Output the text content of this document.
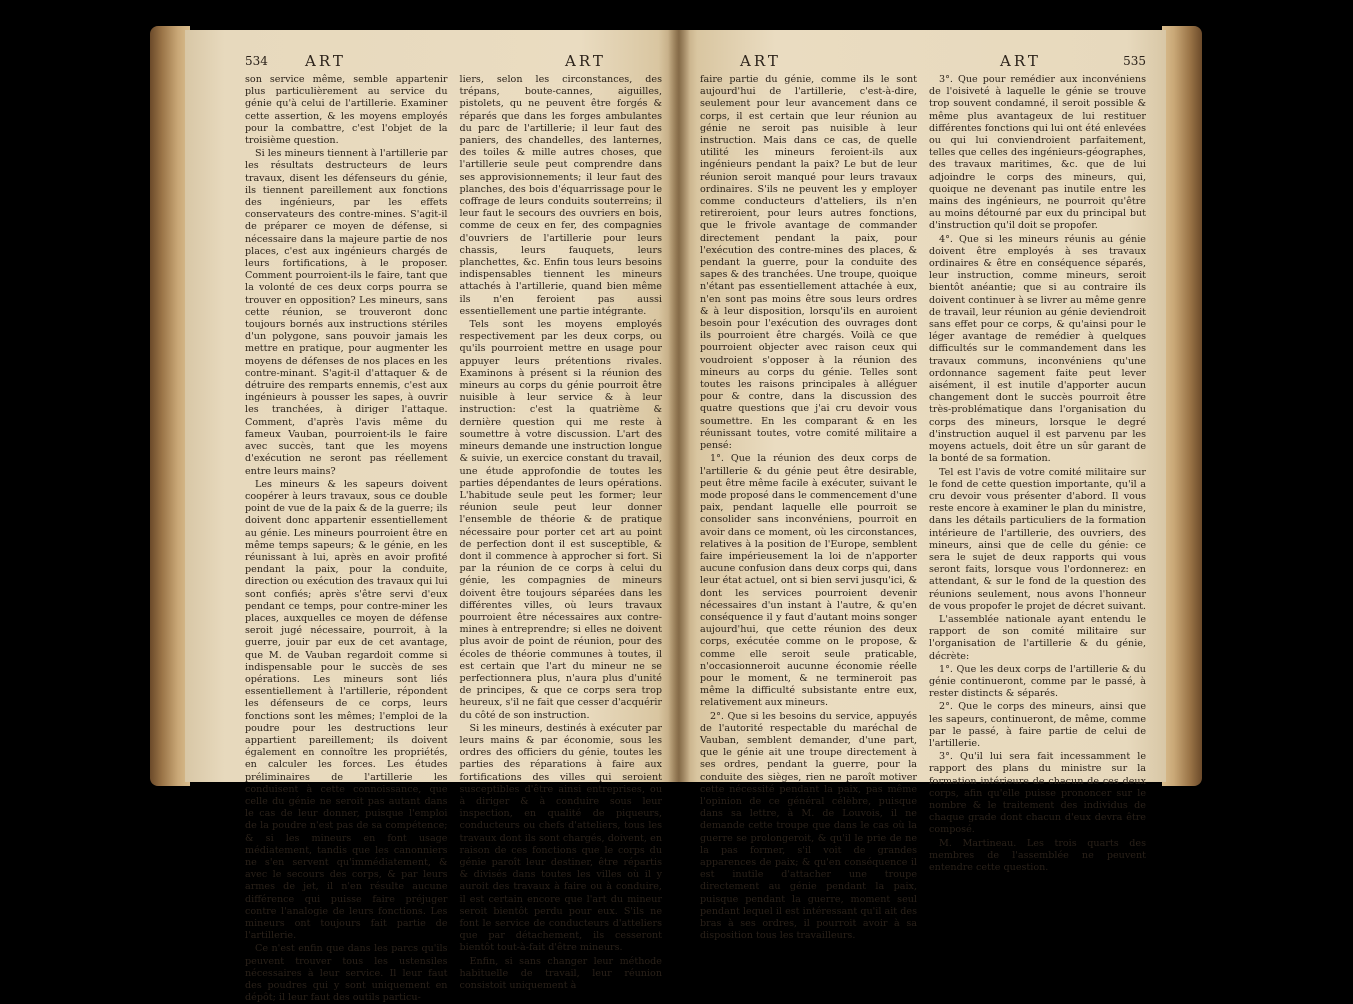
534 ART	ART

son service même, semble appartenir plus particulièrement au service du génie qu'à celui de l'artillerie. Examiner cette assertion, & les moyens employés pour la combattre, c'est l'objet de la troisième question.

Si les mineurs tiennent à l'artillerie par les résultats destructeurs de leurs travaux, disent les défenseurs du génie, ils tiennent pareillement aux fonctions des ingénieurs, par les effets conservateurs des contre-mines. S'agit-il de préparer ce moyen de défense, si nécessaire dans la majeure partie de nos places, c'est aux ingénieurs chargés de leurs fortifications, à le proposer. Comment pourroient-ils le faire, tant que la volonté de ces deux corps pourra se trouver en opposition? Les mineurs, sans cette réunion, se trouveront donc toujours bornés aux instructions stériles d'un polygone, sans pouvoir jamais les mettre en pratique, pour augmenter les moyens de défenses de nos places en les contre-minant. S'agit-il d'attaquer & de détruire des remparts ennemis, c'est aux ingénieurs à pousser les sapes, à ouvrir les tranchées, à diriger l'attaque. Comment, d'après l'avis même du fameux Vauban, pourroient-ils le faire avec succès, tant que les moyens d'exécution ne seront pas réellement entre leurs mains?

Les mineurs & les sapeurs doivent coopérer à leurs travaux, sous ce double point de vue de la paix & de la guerre; ils doivent donc appartenir essentiellement au génie. Les mineurs pourroient être en même temps sapeurs; & le génie, en les réunissant à lui, après en avoir profité pendant la paix, pour la conduite, direction ou exécution des travaux qui lui sont confiés; après s'être servi d'eux pendant ce temps, pour contre-miner les places, auxquelles ce moyen de défense seroit jugé nécessaire, pourroit, à la guerre, jouir par eux de cet avantage, que M. de Vauban regardoit comme si indispensable pour le succès de ses opérations. Les mineurs sont liés essentiellement à l'artillerie, répondent les défenseurs de ce corps, leurs fonctions sont les mêmes; l'emploi de la poudre pour les destructions leur appartient pareillement; ils doivent également en connoître les propriétés, en calculer les forces. Les études préliminaires de l'artillerie les conduisent à cette connoissance, que celle du génie ne seroit pas autant dans le cas de leur donner, puisque l'emploi de la poudre n'est pas de sa compétence; & si les mineurs en font usage médiatement, tandis que les canonniers ne s'en servent qu'immédiatement, & avec le secours des corps, & par leurs armes de jet, il n'en résulte aucune différence qui puisse faire préjuger contre l'analogie de leurs fonctions. Les mineurs ont toujours fait partie de l'artillerie.

Ce n'est enfin que dans les parcs qu'ils peuvent trouver tous les ustensiles nécessaires à leur service. Il leur faut des poudres qui y sont uniquement en dépôt; il leur faut des outils particu-

liers, selon les circonstances, des trépans, boute-cannes, aiguilles, pistolets, qu ne peuvent être forgés & réparés que dans les forges ambulantes du parc de l'artillerie; il leur faut des paniers, des chandelles, des lanternes, des toiles & mille autres choses, que l'artillerie seule peut comprendre dans ses approvisionnements; il leur faut des planches, des bois d'équarrissage pour le coffrage de leurs conduits souterreins; il leur faut le secours des ouvriers en bois, comme de ceux en fer, des compagnies d'ouvriers de l'artillerie pour leurs chassis, leurs fauquets, leurs planchettes, &c. Enfin tous leurs besoins indispensables tiennent les mineurs attachés à l'artillerie, quand bien même ils n'en feroient pas aussi essentiellement une partie intégrante.

Tels sont les moyens employés respectivement par les deux corps, ou qu'ils pourroient mettre en usage pour appuyer leurs prétentions rivales. Examinons à présent si la réunion des mineurs au corps du génie pourroit être nuisible à leur service & à leur instruction: c'est la quatrième & dernière question qui me reste à soumettre à votre discussion. L'art des mineurs demande une instruction longue & suivie, un exercice constant du travail, une étude approfondie de toutes les parties dépendantes de leurs opérations. L'habitude seule peut les former; leur réunion seule peut leur donner l'ensemble de théorie & de pratique nécessaire pour porter cet art au point de perfection dont il est susceptible, & dont il commence à approcher si fort. Si par la réunion de ce corps à celui du génie, les compagnies de mineurs doivent être toujours séparées dans les différentes villes, où leurs travaux pourroient être nécessaires aux contre-mines à entreprendre; si elles ne doivent plus avoir de point de réunion, pour des écoles de théorie communes à toutes, il est certain que l'art du mineur ne se perfectionnera plus, n'aura plus d'unité de principes, & que ce corps sera trop heureux, s'il ne fait que cesser d'acquérir du côté de son instruction.

Si les mineurs, destinés à exécuter par leurs mains & par économie, sous les ordres des officiers du génie, toutes les parties des réparations à faire aux fortifications des villes qui seroient susceptibles d'être ainsi entreprises, ou à diriger & à conduire sous leur inspection, en qualité de piqueurs, conducteurs ou chefs d'atteliers, tous les travaux dont ils sont chargés, doivent, en raison de ces fonctions que le corps du génie paroît leur destiner, être répartis & divisés dans toutes les villes où il y auroit des travaux à faire ou à conduire, il est certain encore que l'art du mineur seroit bientôt perdu pour eux. S'ils ne font le service de conducteurs d'atteliers que par détachement, ils cesseront bientôt tout-à-fait d'être mineurs.

Enfin, si sans changer leur méthode habituelle de travail, leur réunion consistoit uniquement à

ART	ART	535

faire partie du génie, comme ils le sont aujourd'hui de l'artillerie, c'est-à-dire, seulement pour leur avancement dans ce corps, il est certain que leur réunion au génie ne seroit pas nuisible à leur instruction. Mais dans ce cas, de quelle utilité les mineurs feroient-ils aux ingénieurs pendant la paix? Le but de leur réunion seroit manqué pour leurs travaux ordinaires. S'ils ne peuvent les y employer comme conducteurs d'atteliers, ils n'en retireroient, pour leurs autres fonctions, que le frivole avantage de commander directement pendant la paix, pour l'exécution des contre-mines des places, & pendant la guerre, pour la conduite des sapes & des tranchées. Une troupe, quoique n'étant pas essentiellement attachée à eux, n'en sont pas moins être sous leurs ordres & à leur disposition, lorsqu'ils en auroient besoin pour l'exécution des ouvrages dont ils pourroient être chargés. Voilà ce que pourroient objecter avec raison ceux qui voudroient s'opposer à la réunion des mineurs au corps du génie. Telles sont toutes les raisons principales à alléguer pour & contre, dans la discussion des quatre questions que j'ai cru devoir vous soumettre. En les comparant & en les réunissant toutes, votre comité militaire a pensé:

1°. Que la réunion des deux corps de l'artillerie & du génie peut être desirable, peut être même facile à exécuter, suivant le mode proposé dans le commencement d'une paix, pendant laquelle elle pourroit se consolider sans inconvéniens, pourroit en avoir dans ce moment, où les circonstances, relatives à la position de l'Europe, semblent faire impérieusement la loi de n'apporter aucune confusion dans deux corps qui, dans leur état actuel, ont si bien servi jusqu'ici, & dont les services pourroient devenir nécessaires d'un instant à l'autre, & qu'en conséquence il y faut d'autant moins songer aujourd'hui, que cette réunion des deux corps, exécutée comme on le propose, & comme elle seroit seule praticable, n'occasionneroit aucunne économie réelle pour le moment, & ne termineroit pas même la difficulté subsistante entre eux, relativement aux mineurs.

2°. Que si les besoins du service, appuyés de l'autorité respectable du maréchal de Vauban, semblent demander, d'une part, que le génie ait une troupe directement à ses ordres, pendant la guerre, pour la conduite des sièges, rien ne paroît motiver cette nécessité pendant la paix, pas même l'opinion de ce général célèbre, puisque dans sa lettre, à M. de Louvois, il ne demande cette troupe que dans le cas où la guerre se prolongeroit, & qu'il le prie de ne la pas former, s'il voit de grandes apparences de paix; & qu'en conséquence il est inutile d'attacher une troupe directement au génie pendant la paix, puisque pendant la guerre, moment seul pendant lequel il est intéressant qu'il ait des bras à ses ordres, il pourroit avoir à sa disposition tous les travailleurs.

3°. Que pour remédier aux inconvéniens de l'oisiveté à laquelle le génie se trouve trop souvent condamné, il seroit possible & même plus avantageux de lui restituer différentes fonctions qui lui ont été enlevées ou qui lui conviendroient parfaitement, telles que celles des ingénieurs-géographes, des travaux maritimes, &c. que de lui adjoindre le corps des mineurs, qui, quoique ne devenant pas inutile entre les mains des ingénieurs, ne pourroit qu'être au moins détourné par eux du principal but d'instruction qu'il doit se propofer.

4°. Que si les mineurs réunis au génie doivent être employés à ses travaux ordinaires & être en conséquence séparés, leur instruction, comme mineurs, seroit bientôt anéantie; que si au contraire ils doivent continuer à se livrer au même genre de travail, leur réunion au génie deviendroit sans effet pour ce corps, & qu'ainsi pour le léger avantage de remédier à quelques difficultés sur le commandement dans les travaux communs, inconvéniens qu'une ordonnance sagement faite peut lever aisément, il est inutile d'apporter aucun changement dont le succès pourroit être très-problématique dans l'organisation du corps des mineurs, lorsque le degré d'instruction auquel il est parvenu par les moyens actuels, doit être un sûr garant de la bonté de sa formation.

Tel est l'avis de votre comité militaire sur le fond de cette question importante, qu'il a cru devoir vous présenter d'abord. Il vous reste encore à examiner le plan du ministre, dans les détails particuliers de la formation intérieure de l'artillerie, des ouvriers, des mineurs, ainsi que de celle du génie: ce sera le sujet de deux rapports qui vous seront faits, lorsque vous l'ordonnerez: en attendant, & sur le fond de la question des réunions seulement, nous avons l'honneur de vous propofer le projet de décret suivant.

L'assemblée nationale ayant entendu le rapport de son comité militaire sur l'organisation de l'artillerie & du génie, décrète:

1°. Que les deux corps de l'artillerie & du génie continueront, comme par le passé, à rester distincts & séparés.

2°. Que le corps des mineurs, ainsi que les sapeurs, continueront, de même, comme par le passé, à faire partie de celui de l'artillerie.

3°. Qu'il lui sera fait incessamment le rapport des plans du ministre sur la formation intérieure de chacun de ces deux corps, afin qu'elle puisse prononcer sur le nombre & le traitement des individus de chaque grade dont chacun d'eux devra être composé.

M. Martineau. Les trois quarts des membres de l'assemblée ne peuvent entendre cette question.
